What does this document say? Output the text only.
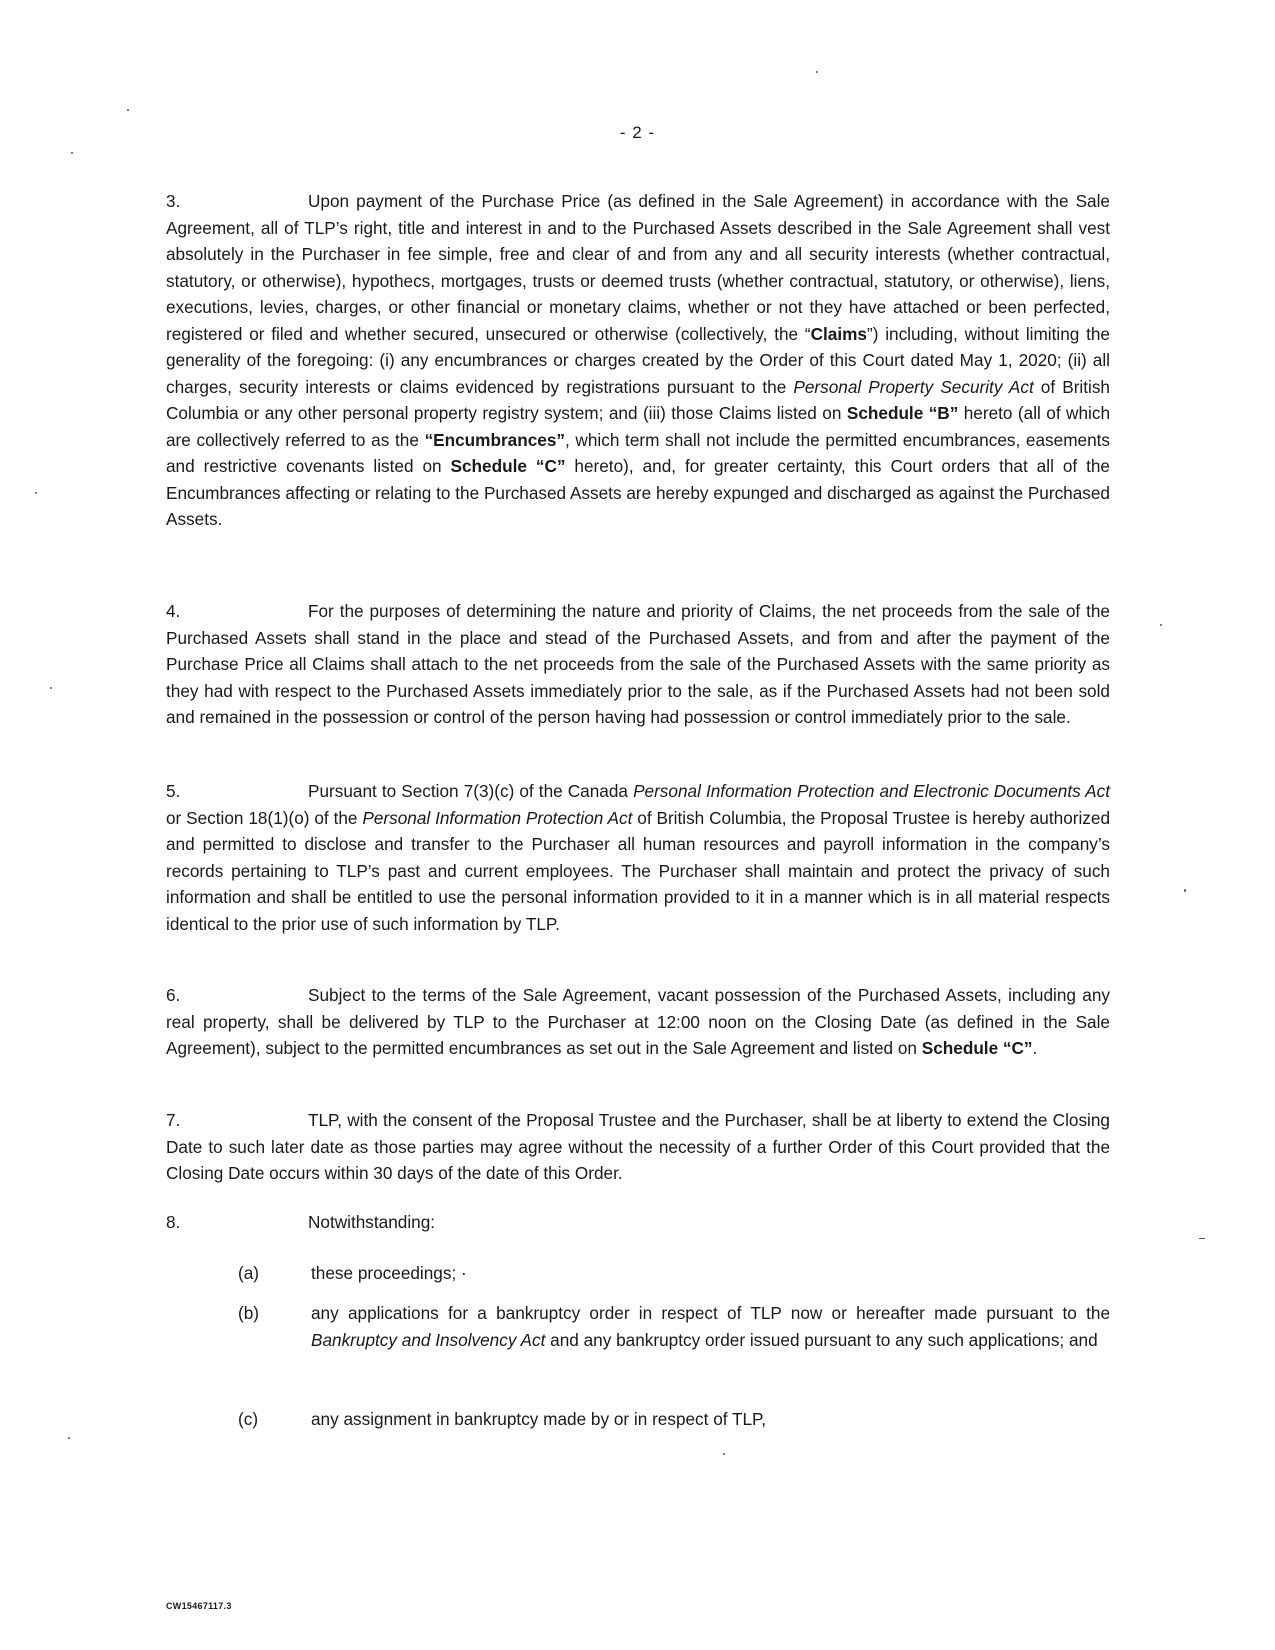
- 2 -

3.	Upon payment of the Purchase Price (as defined in the Sale Agreement) in accordance with the Sale Agreement, all of TLP’s right, title and interest in and to the Purchased Assets described in the Sale Agreement shall vest absolutely in the Purchaser in fee simple, free and clear of and from any and all security interests (whether contractual, statutory, or otherwise), hypothecs, mortgages, trusts or deemed trusts (whether contractual, statutory, or otherwise), liens, executions, levies, charges, or other financial or monetary claims, whether or not they have attached or been perfected, registered or filed and whether secured, unsecured or otherwise (collectively, the “Claims”) including, without limiting the generality of the foregoing: (i) any encumbrances or charges created by the Order of this Court dated May 1, 2020; (ii) all charges, security interests or claims evidenced by registrations pursuant to the Personal Property Security Act of British Columbia or any other personal property registry system; and (iii) those Claims listed on Schedule “B” hereto (all of which are collectively referred to as the “Encumbrances”, which term shall not include the permitted encumbrances, easements and restrictive covenants listed on Schedule “C” hereto), and, for greater certainty, this Court orders that all of the Encumbrances affecting or relating to the Purchased Assets are hereby expunged and discharged as against the Purchased Assets.

4.	For the purposes of determining the nature and priority of Claims, the net proceeds from the sale of the Purchased Assets shall stand in the place and stead of the Purchased Assets, and from and after the payment of the Purchase Price all Claims shall attach to the net proceeds from the sale of the Purchased Assets with the same priority as they had with respect to the Purchased Assets immediately prior to the sale, as if the Purchased Assets had not been sold and remained in the possession or control of the person having had possession or control immediately prior to the sale.

5.	Pursuant to Section 7(3)(c) of the Canada Personal Information Protection and Electronic Documents Act or Section 18(1)(o) of the Personal Information Protection Act of British Columbia, the Proposal Trustee is hereby authorized and permitted to disclose and transfer to the Purchaser all human resources and payroll information in the company’s records pertaining to TLP’s past and current employees. The Purchaser shall maintain and protect the privacy of such information and shall be entitled to use the personal information provided to it in a manner which is in all material respects identical to the prior use of such information by TLP.

6.	Subject to the terms of the Sale Agreement, vacant possession of the Purchased Assets, including any real property, shall be delivered by TLP to the Purchaser at 12:00 noon on the Closing Date (as defined in the Sale Agreement), subject to the permitted encumbrances as set out in the Sale Agreement and listed on Schedule “C”.

7.	TLP, with the consent of the Proposal Trustee and the Purchaser, shall be at liberty to extend the Closing Date to such later date as those parties may agree without the necessity of a further Order of this Court provided that the Closing Date occurs within 30 days of the date of this Order.

8.	Notwithstanding:

(a)	these proceedings; ·
(b)	any applications for a bankruptcy order in respect of TLP now or hereafter made pursuant to the Bankruptcy and Insolvency Act and any bankruptcy order issued pursuant to any such applications; and
(c)	any assignment in bankruptcy made by or in respect of TLP,
CW15467117.3
